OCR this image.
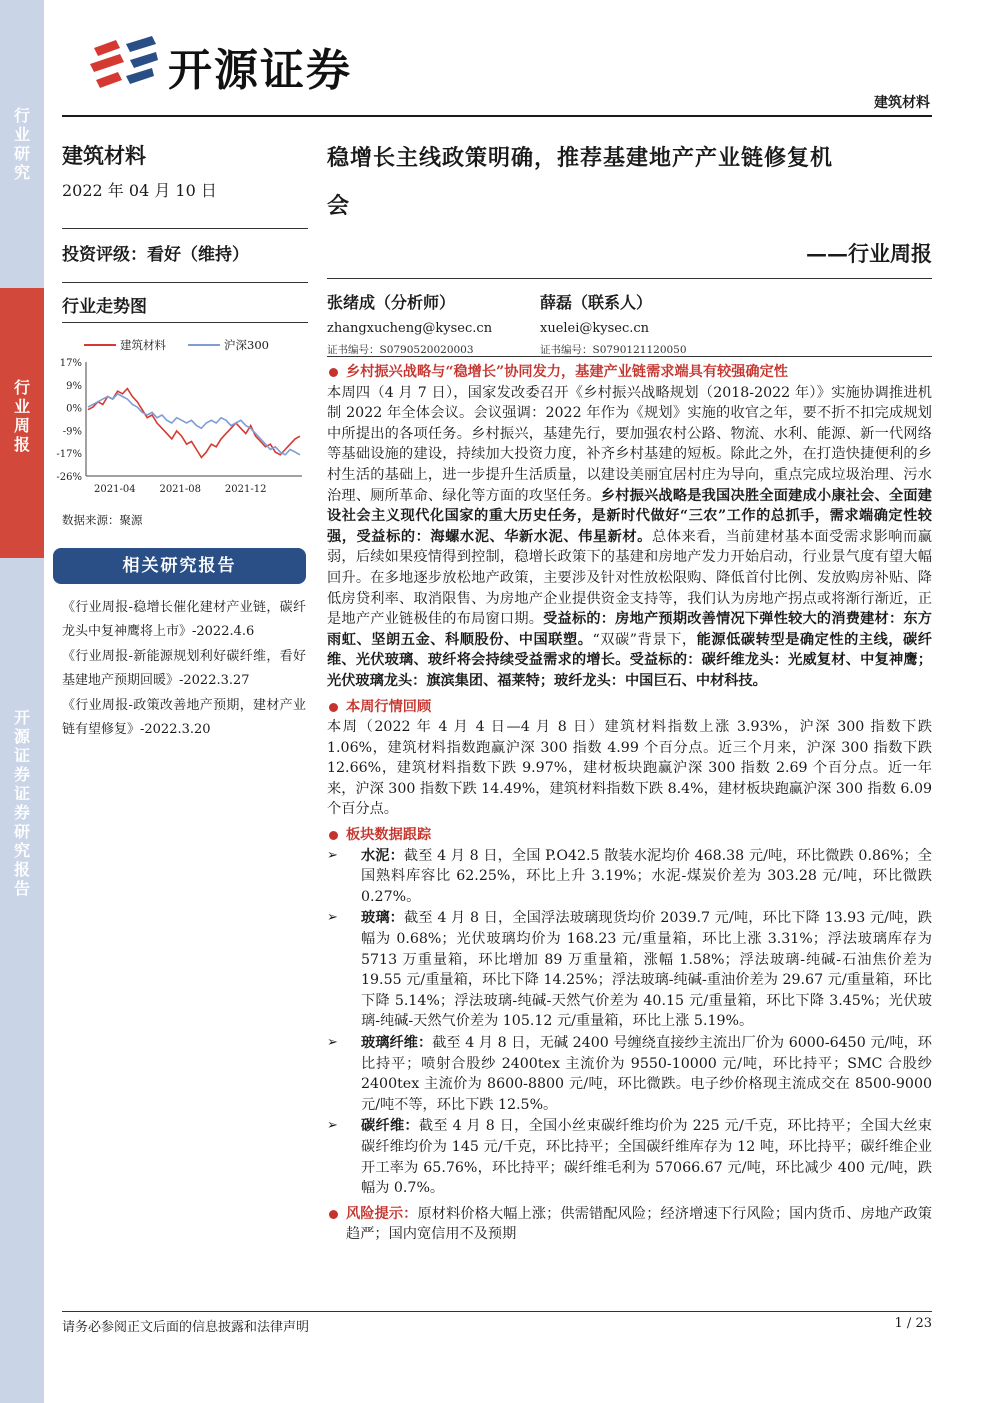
行业研究
行业周报
开源证券 证券研究报告
开源证券
建筑材料
建筑材料
2022 年 04 月 10 日
投资评级：看好（维持）
行业走势图
建筑材料	沪深300
17%
9%
0%
-9%
-17%
-26%
2021-04 2021-08 2021-12
数据来源：聚源
相关研究报告
《行业周报-稳增长催化建材产业链，碳纤龙头中复神鹰将上市》-2022.4.6
《行业周报-新能源规划利好碳纤维，看好基建地产预期回暖》-2022.3.27
《行业周报-政策改善地产预期，建材产业链有望修复》-2022.3.20
稳增长主线政策明确，推荐基建地产产业链修复机
会
——行业周报
张绪成（分析师）
zhangxucheng@kysec.cn
证书编号：S0790520020003
薛磊（联系人）
xuelei@kysec.cn
证书编号：S0790121120050
乡村振兴战略与“稳增长”协同发力，基建产业链需求端具有较强确定性
本周四（4 月 7 日），国家发改委召开《乡村振兴战略规划（2018-2022 年）》实施协调推进机制 2022 年全体会议。会议强调：2022 年作为《规划》实施的收官之年，要不折不扣完成规划中所提出的各项任务。乡村振兴，基建先行，要加强农村公路、物流、水利、能源、新一代网络等基础设施的建设，持续加大投资力度，补齐乡村基建的短板。除此之外，在打造快捷便利的乡村生活的基础上，进一步提升生活质量，以建设美丽宜居村庄为导向，重点完成垃圾治理、污水治理、厕所革命、绿化等方面的攻坚任务。乡村振兴战略是我国决胜全面建成小康社会、全面建设社会主义现代化国家的重大历史任务，是新时代做好“三农”工作的总抓手，需求端确定性较强，受益标的：海螺水泥、华新水泥、伟星新材。总体来看，当前建材基本面受需求影响而赢弱，后续如果疫情得到控制，稳增长政策下的基建和房地产发力开始启动，行业景气度有望大幅回升。在多地逐步放松地产政策，主要涉及针对性放松限购、降低首付比例、发放购房补贴、降低房贷利率、取消限售、为房地产企业提供资金支持等，我们认为房地产拐点或将渐行渐近，正是地产产业链极佳的布局窗口期。受益标的：房地产预期改善情况下弹性较大的消费建材：东方雨虹、坚朗五金、科顺股份、中国联塑。“双碳”背景下，能源低碳转型是确定性的主线，碳纤维、光伏玻璃、玻纤将会持续受益需求的增长。受益标的：碳纤维龙头：光威复材、中复神鹰；光伏玻璃龙头：旗滨集团、福莱特；玻纤龙头：中国巨石、中材科技。
本周行情回顾
本周（2022 年 4 月 4 日—4 月 8 日）建筑材料指数上涨 3.93%，沪深 300 指数下跌 1.06%，建筑材料指数跑赢沪深 300 指数 4.99 个百分点。近三个月来，沪深 300 指数下跌 12.66%，建筑材料指数下跌 9.97%，建材板块跑赢沪深 300 指数 2.69 个百分点。近一年来，沪深 300 指数下跌 14.49%，建筑材料指数下跌 8.4%，建材板块跑赢沪深 300 指数 6.09 个百分点。
板块数据跟踪
➢	水泥：截至 4 月 8 日，全国 P.O42.5 散装水泥均价 468.38 元/吨，环比微跌 0.86%；全国熟料库容比 62.25%，环比上升 3.19%；水泥-煤炭价差为 303.28 元/吨，环比微跌 0.27%。
➢	玻璃：截至 4 月 8 日，全国浮法玻璃现货均价 2039.7 元/吨，环比下降 13.93 元/吨，跌幅为 0.68%；光伏玻璃均价为 168.23 元/重量箱，环比上涨 3.31%；浮法玻璃库存为 5713 万重量箱，环比增加 89 万重量箱，涨幅 1.58%；浮法玻璃-纯碱-石油焦价差为 19.55 元/重量箱，环比下降 14.25%；浮法玻璃-纯碱-重油价差为 29.67 元/重量箱，环比下降 5.14%；浮法玻璃-纯碱-天然气价差为 40.15 元/重量箱，环比下降 3.45%；光伏玻璃-纯碱-天然气价差为 105.12 元/重量箱，环比上涨 5.19%。
➢	玻璃纤维：截至 4 月 8 日，无碱 2400 号缠绕直接纱主流出厂价为 6000-6450 元/吨，环比持平；喷射合股纱 2400tex 主流价为 9550-10000 元/吨，环比持平；SMC 合股纱 2400tex 主流价为 8600-8800 元/吨，环比微跌。电子纱价格现主流成交在 8500-9000 元/吨不等，环比下跌 12.5%。
➢	碳纤维：截至 4 月 8 日，全国小丝束碳纤维均价为 225 元/千克，环比持平；全国大丝束碳纤维均价为 145 元/千克，环比持平；全国碳纤维库存为 12 吨，环比持平；碳纤维企业开工率为 65.76%，环比持平；碳纤维毛利为 57066.67 元/吨，环比减少 400 元/吨，跌幅为 0.7%。
风险提示：原材料价格大幅上涨；供需错配风险；经济增速下行风险；国内货币、房地产政策趋严；国内宽信用不及预期
请务必参阅正文后面的信息披露和法律声明	1 / 23
